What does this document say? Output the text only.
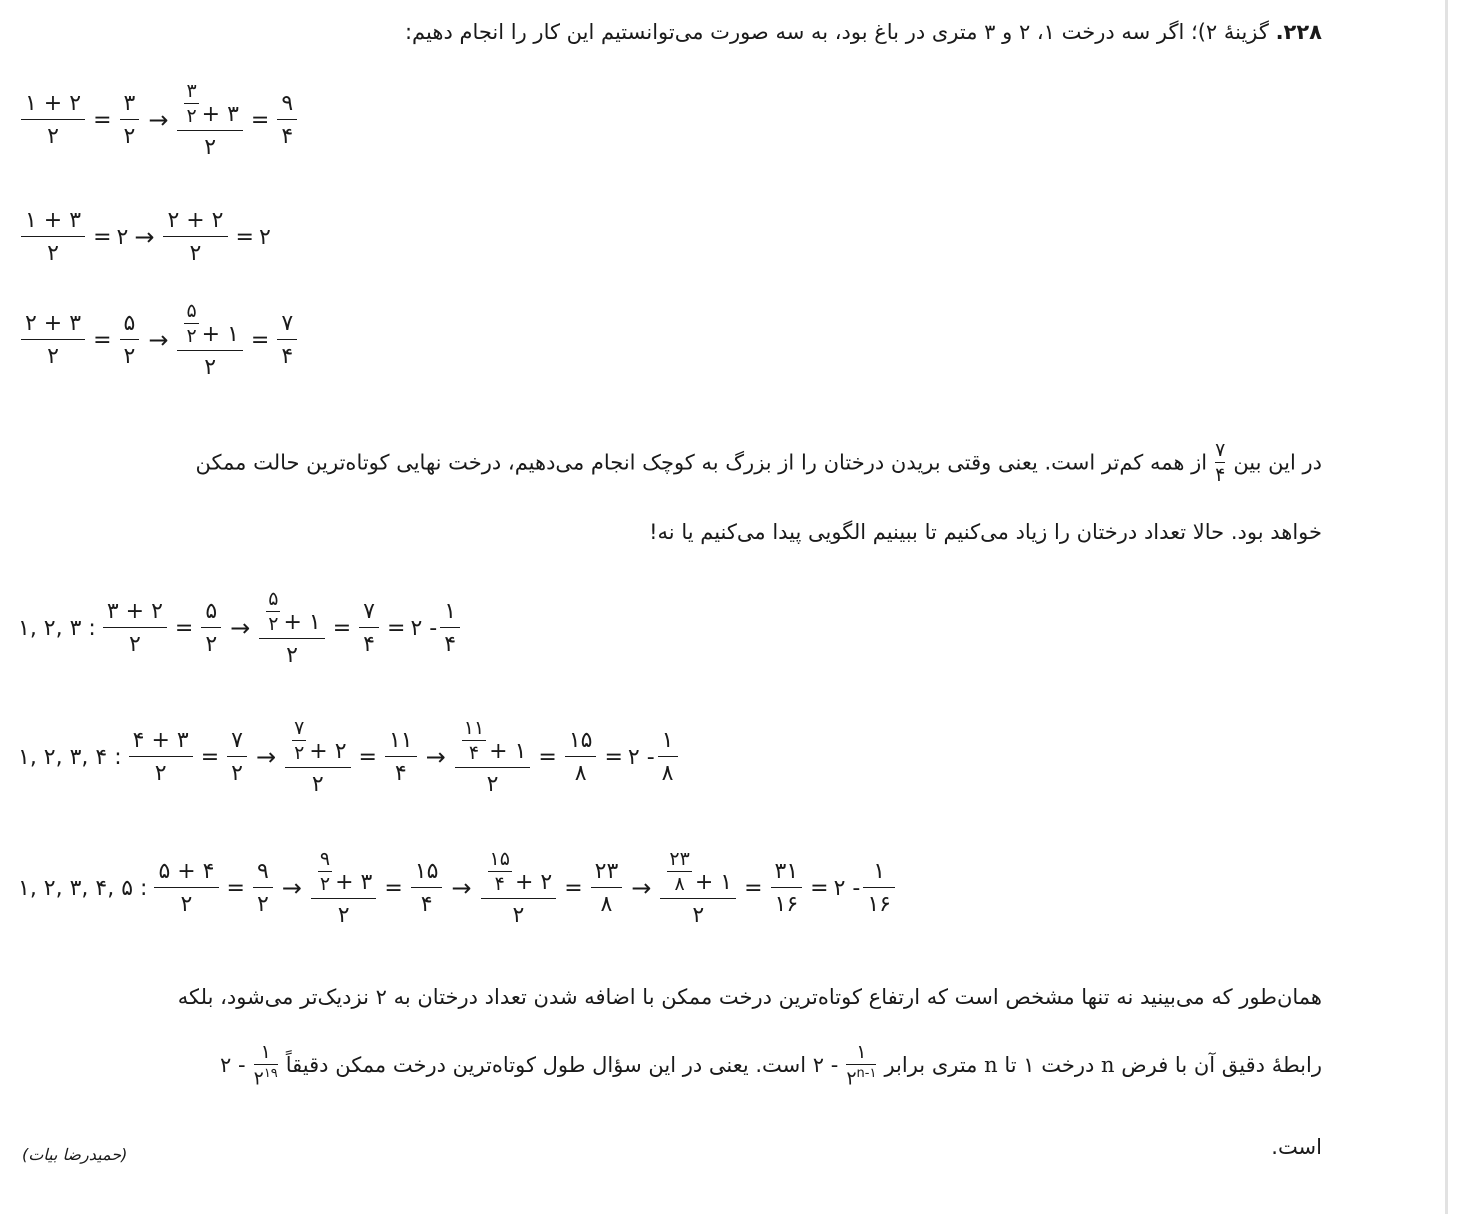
۲۲۸. گزینهٔ ۲)؛ اگر سه درخت ۱، ۲ و ۳ متری در باغ بود، به سه صورت می‌توانستیم این کار را انجام دهیم:
$\frac{۱ + ۲}{۲} = \frac{۳}{۲} \to \frac{\frac{۳}{۲} + ۳}{۲} = \frac{۹}{۴}$
$\frac{۱ + ۳}{۲}$ = ۲ → $\frac{۲ + ۲}{۲}$ = ۲
$\frac{۲ + ۳}{۲} = \frac{۵}{۲} \to \frac{\frac{۵}{۲} + ۱}{۲} = \frac{۷}{۴}$
در این بین
۷
۴
از همه کم‌تر است. یعنی وقتی بریدن درختان را از بزرگ به کوچک انجام می‌دهیم، درخت نهایی کوتاه‌ترین حالت ممکن
خواهد بود. حالا تعداد درختان را زیاد می‌کنیم تا ببینیم الگویی پیدا می‌کنیم یا نه!
۱, ۲, ۳ : $\frac{۳ + ۲}{۲} = \frac{۵}{۲} \to \frac{\frac{۵}{۲} + ۱}{۲} = \frac{۷}{۴}$ = ۲ - $\frac{۱}{۴}$
۱, ۲, ۳, ۴ : $\frac{۴ + ۳}{۲} = \frac{۷}{۲} \to \frac{\frac{۷}{۲} + ۲}{۲} = \frac{۱۱}{۴} \to \frac{\frac{۱۱}{۴} + ۱}{۲} = \frac{۱۵}{۸}$ = ۲ - $\frac{۱}{۸}$
۱, ۲, ۳, ۴, ۵ : $\frac{۵ + ۴}{۲} = \frac{۹}{۲} \to \frac{\frac{۹}{۲} + ۳}{۲} = \frac{۱۵}{۴} \to \frac{\frac{۱۵}{۴} + ۲}{۲} = \frac{۲۳}{۸} \to \frac{\frac{۲۳}{۸} + ۱}{۲} = \frac{۳۱}{۱۶}$ = ۲ - $\frac{۱}{۱۶}$
همان‌طور که می‌بینید نه تنها مشخص است که ارتفاع کوتاه‌ترین درخت ممکن با اضافه شدن تعداد درختان به ۲ نزدیک‌تر می‌شود، بلکه
رابطهٔ دقیق آن با فرض n درخت ۱ تا n متری برابر
۱
۲$^{n-۱}$
- ۲ است. یعنی در این سؤال طول کوتاه‌ترین درخت ممکن دقیقاً
۱
$۲^{۱۹}$
- ۲
است.
(حمیدرضا بیات)
